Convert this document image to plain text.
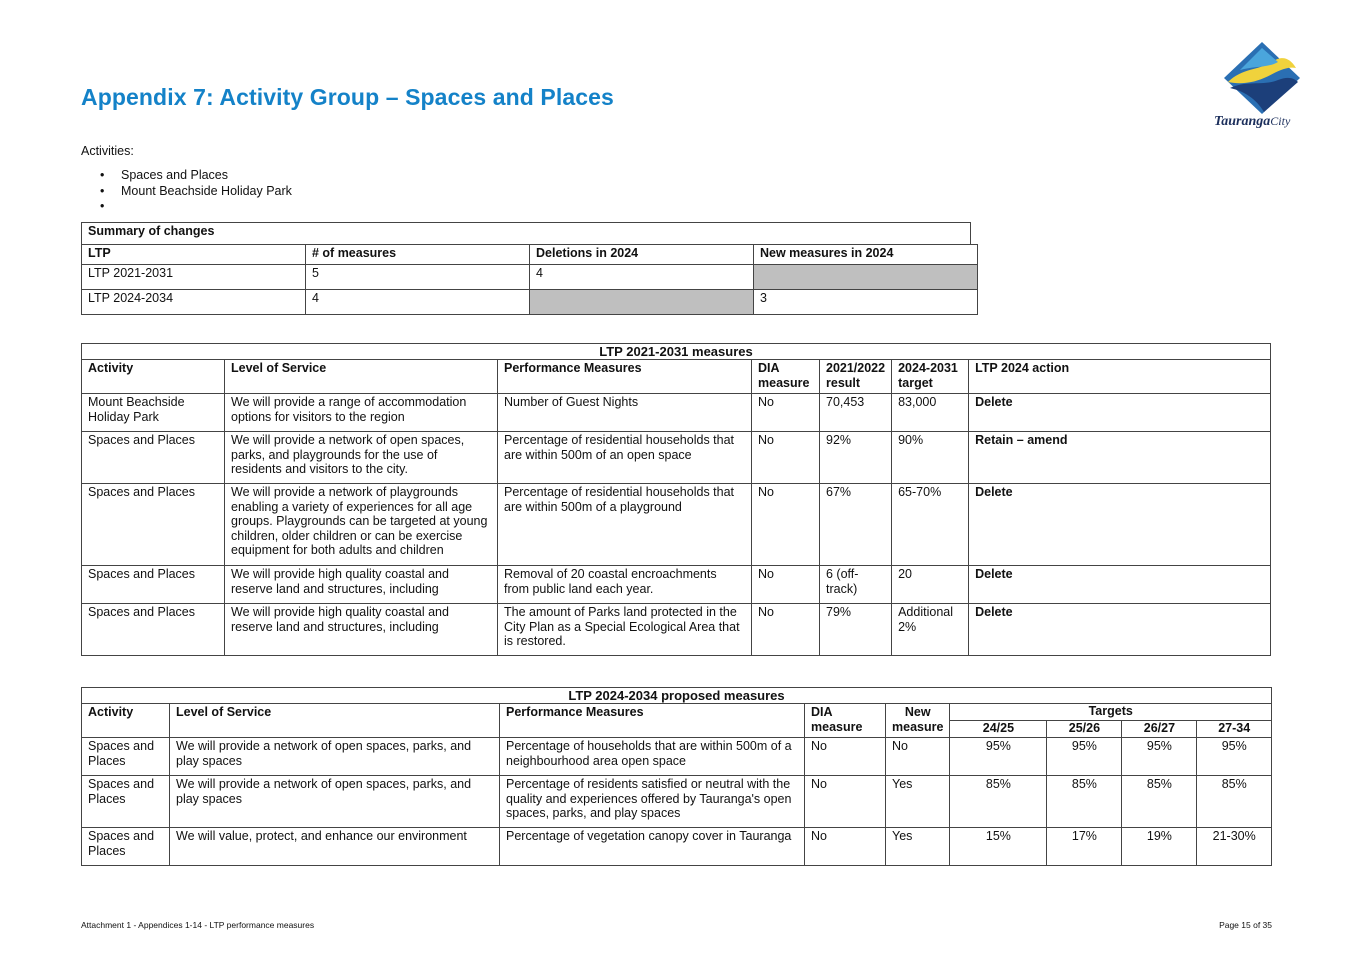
Appendix 7: Activity Group – Spaces and Places
TaurangaCity
Activities:
• Spaces and Places
• Mount Beachside Holiday Park
•
Summary of changes
LTP	# of measures	Deletions in 2024	New measures in 2024
LTP 2021-2031	5	4	
LTP 2024-2034	4		3
LTP 2021-2031 measures						
Activity	Level of Service	Performance Measures	DIA measure	2021/2022 result	2024-2031 target	LTP 2024 action
Mount Beachside Holiday Park	We will provide a range of accommodation options for visitors to the region	Number of Guest Nights	No	70,453	83,000	Delete
Spaces and Places	We will provide a network of open spaces, parks, and playgrounds for the use of residents and visitors to the city.	Percentage of residential households that are within 500m of an open space	No	92%	90%	Retain – amend
Spaces and Places	We will provide a network of playgrounds enabling a variety of experiences for all age groups. Playgrounds can be targeted at young children, older children or can be exercise equipment for both adults and children	Percentage of residential households that are within 500m of a playground	No	67%	65-70%	Delete
Spaces and Places	We will provide high quality coastal and reserve land and structures, including	Removal of 20 coastal encroachments from public land each year.	No	6 (off-track)	20	Delete
Spaces and Places	We will provide high quality coastal and reserve land and structures, including	The amount of Parks land protected in the City Plan as a Special Ecological Area that is restored.	No	79%	Additional 2%	Delete
LTP 2024-2034 proposed measures								
Activity	Level of Service	Performance Measures	DIA measure	New measure	Targets			
					24/25	25/26	26/27	27-34
Spaces and Places	We will provide a network of open spaces, parks, and play spaces	Percentage of households that are within 500m of a neighbourhood area open space	No	No	95%	95%	95%	95%
Spaces and Places	We will provide a network of open spaces, parks, and play spaces	Percentage of residents satisfied or neutral with the quality and experiences offered by Tauranga's open spaces, parks, and play spaces	No	Yes	85%	85%	85%	85%
Spaces and Places	We will value, protect, and enhance our environment	Percentage of vegetation canopy cover in Tauranga	No	Yes	15%	17%	19%	21-30%
Attachment 1 - Appendices 1-14 - LTP performance measures	Page 15 of 35
